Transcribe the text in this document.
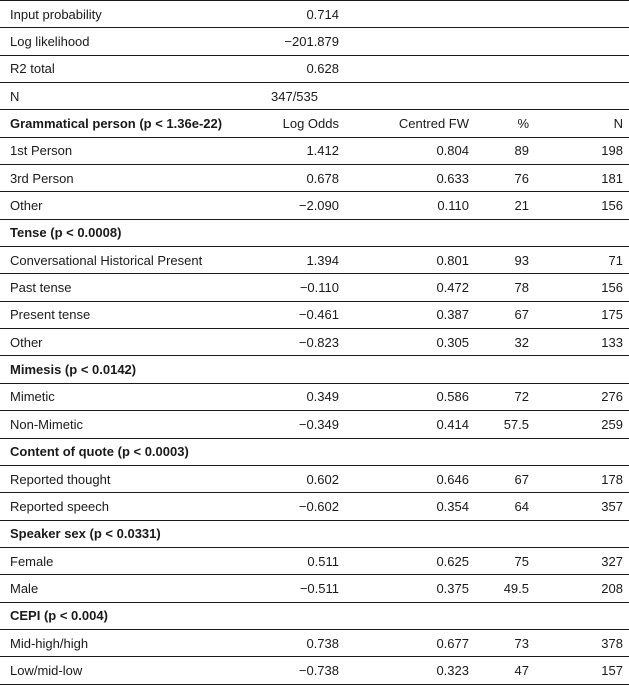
Input probability	0.714			
Log likelihood	−201.879			
R2 total	0.628			
N	347/535			
Grammatical person (p < 1.36e-22)	Log Odds	Centred FW	%	N
1st Person	1.412	0.804	89	198
3rd Person	0.678	0.633	76	181
Other	−2.090	0.110	21	156
Tense (p < 0.0008)				
Conversational Historical Present	1.394	0.801	93	71
Past tense	−0.110	0.472	78	156
Present tense	−0.461	0.387	67	175
Other	−0.823	0.305	32	133
Mimesis (p < 0.0142)				
Mimetic	0.349	0.586	72	276
Non-Mimetic	−0.349	0.414	57.5	259
Content of quote (p < 0.0003)				
Reported thought	0.602	0.646	67	178
Reported speech	−0.602	0.354	64	357
Speaker sex (p < 0.0331)				
Female	0.511	0.625	75	327
Male	−0.511	0.375	49.5	208
CEPI (p < 0.004)				
Mid-high/high	0.738	0.677	73	378
Low/mid-low	−0.738	0.323	47	157
